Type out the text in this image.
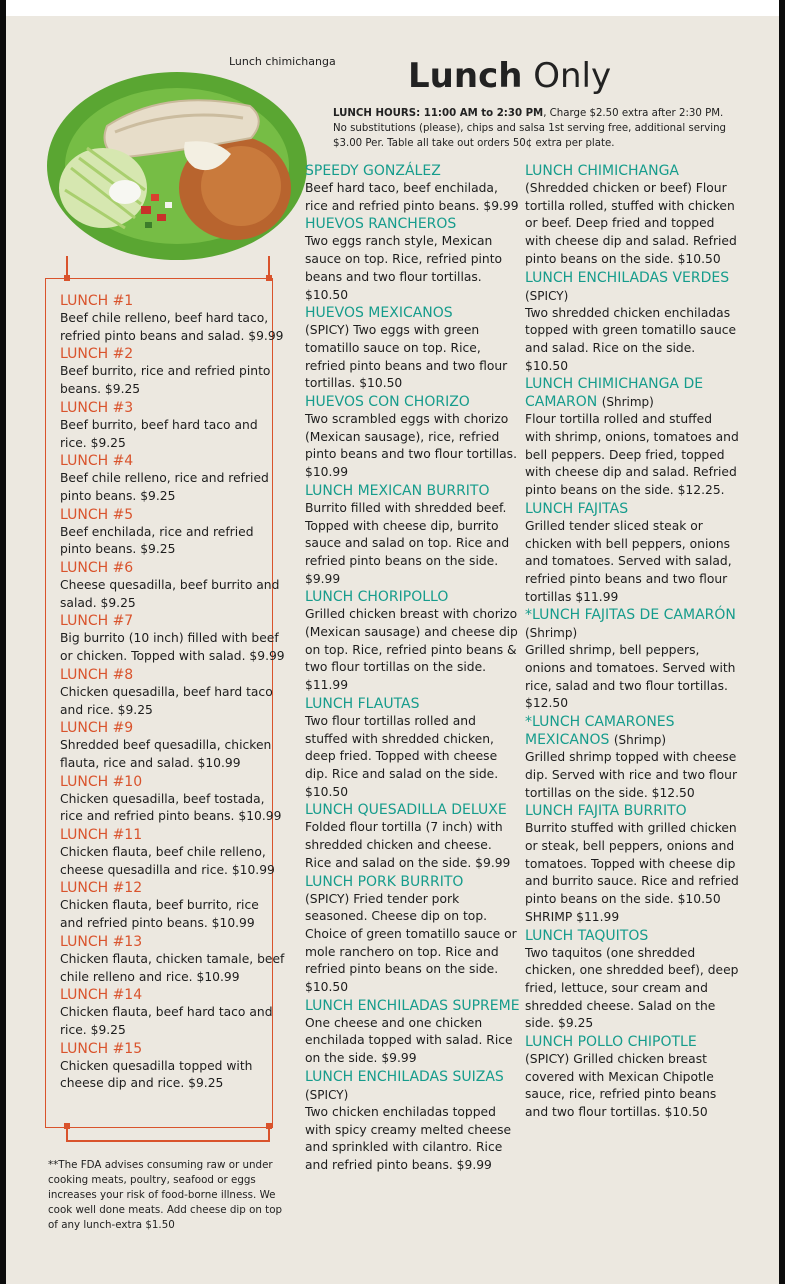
Lunch chimichanga Lunch Only
LUNCH HOURS: 11:00 AM to 2:30 PM, Charge $2.50 extra after 2:30 PM. No substitutions (please), chips and salsa 1st serving free, additional serving $3.00 Per. Table all take out orders 50¢ extra per plate.
LUNCH #1
Beef chile relleno, beef hard taco, refried pinto beans and salad. $9.99
LUNCH #2
Beef burrito, rice and refried pinto beans. $9.25
LUNCH #3
Beef burrito, beef hard taco and rice. $9.25
LUNCH #4
Beef chile relleno, rice and refried pinto beans. $9.25
LUNCH #5
Beef enchilada, rice and refried pinto beans. $9.25
LUNCH #6
Cheese quesadilla, beef burrito and salad. $9.25
LUNCH #7
Big burrito (10 inch) filled with beef or chicken. Topped with salad. $9.99
LUNCH #8
Chicken quesadilla, beef hard taco and rice. $9.25
LUNCH #9
Shredded beef quesadilla, chicken flauta, rice and salad. $10.99
LUNCH #10
Chicken quesadilla, beef tostada, rice and refried pinto beans. $10.99
LUNCH #11
Chicken flauta, beef chile relleno, cheese quesadilla and rice. $10.99
LUNCH #12
Chicken flauta, beef burrito, rice and refried pinto beans. $10.99
LUNCH #13
Chicken flauta, chicken tamale, beef chile relleno and rice. $10.99
LUNCH #14
Chicken flauta, beef hard taco and rice. $9.25
LUNCH #15
Chicken quesadilla topped with cheese dip and rice. $9.25
SPEEDY GONZÁLEZ
Beef hard taco, beef enchilada, rice and refried pinto beans. $9.99
HUEVOS RANCHEROS
Two eggs ranch style, Mexican sauce on top. Rice, refried pinto beans and two flour tortillas. $10.50
HUEVOS MEXICANOS
(SPICY) Two eggs with green tomatillo sauce on top. Rice, refried pinto beans and two flour tortillas. $10.50
HUEVOS CON CHORIZO
Two scrambled eggs with chorizo (Mexican sausage), rice, refried pinto beans and two flour tortillas. $10.99
LUNCH MEXICAN BURRITO
Burrito filled with shredded beef. Topped with cheese dip, burrito sauce and salad on top. Rice and refried pinto beans on the side. $9.99
LUNCH CHORIPOLLO
Grilled chicken breast with chorizo (Mexican sausage) and cheese dip on top. Rice, refried pinto beans & two flour tortillas on the side. $11.99
LUNCH FLAUTAS
Two flour tortillas rolled and stuffed with shredded chicken, deep fried. Topped with cheese dip. Rice and salad on the side. $10.50
LUNCH QUESADILLA DELUXE
Folded flour tortilla (7 inch) with shredded chicken and cheese. Rice and salad on the side. $9.99
LUNCH PORK BURRITO
(SPICY) Fried tender pork seasoned. Cheese dip on top. Choice of green tomatillo sauce or mole ranchero on top. Rice and refried pinto beans on the side. $10.50
LUNCH ENCHILADAS SUPREME
One cheese and one chicken enchilada topped with salad. Rice on the side. $9.99
LUNCH ENCHILADAS SUIZAS (SPICY)
Two chicken enchiladas topped with spicy creamy melted cheese and sprinkled with cilantro. Rice and refried pinto beans. $9.99
LUNCH CHIMICHANGA
(Shredded chicken or beef) Flour tortilla rolled, stuffed with chicken or beef. Deep fried and topped with cheese dip and salad. Refried pinto beans on the side. $10.50
LUNCH ENCHILADAS VERDES (SPICY)
Two shredded chicken enchiladas topped with green tomatillo sauce and salad. Rice on the side. $10.50
LUNCH CHIMICHANGA DE CAMARON (Shrimp)
Flour tortilla rolled and stuffed with shrimp, onions, tomatoes and bell peppers. Deep fried, topped with cheese dip and salad. Refried pinto beans on the side. $12.25.
LUNCH FAJITAS
Grilled tender sliced steak or chicken with bell peppers, onions and tomatoes. Served with salad, refried pinto beans and two flour tortillas $11.99
*LUNCH FAJITAS DE CAMARÓN (Shrimp)
Grilled shrimp, bell peppers, onions and tomatoes. Served with rice, salad and two flour tortillas. $12.50
*LUNCH CAMARONES MEXICANOS (Shrimp)
Grilled shrimp topped with cheese dip. Served with rice and two flour tortillas on the side. $12.50
LUNCH FAJITA BURRITO
Burrito stuffed with grilled chicken or steak, bell peppers, onions and tomatoes. Topped with cheese dip and burrito sauce. Rice and refried pinto beans on the side. $10.50 SHRIMP $11.99
LUNCH TAQUITOS
Two taquitos (one shredded chicken, one shredded beef), deep fried, lettuce, sour cream and shredded cheese. Salad on the side. $9.25
LUNCH POLLO CHIPOTLE
(SPICY) Grilled chicken breast covered with Mexican Chipotle sauce, rice, refried pinto beans and two flour tortillas. $10.50
**The FDA advises consuming raw or under cooking meats, poultry, seafood or eggs increases your risk of food-borne illness. We cook well done meats. Add cheese dip on top of any lunch-extra $1.50
